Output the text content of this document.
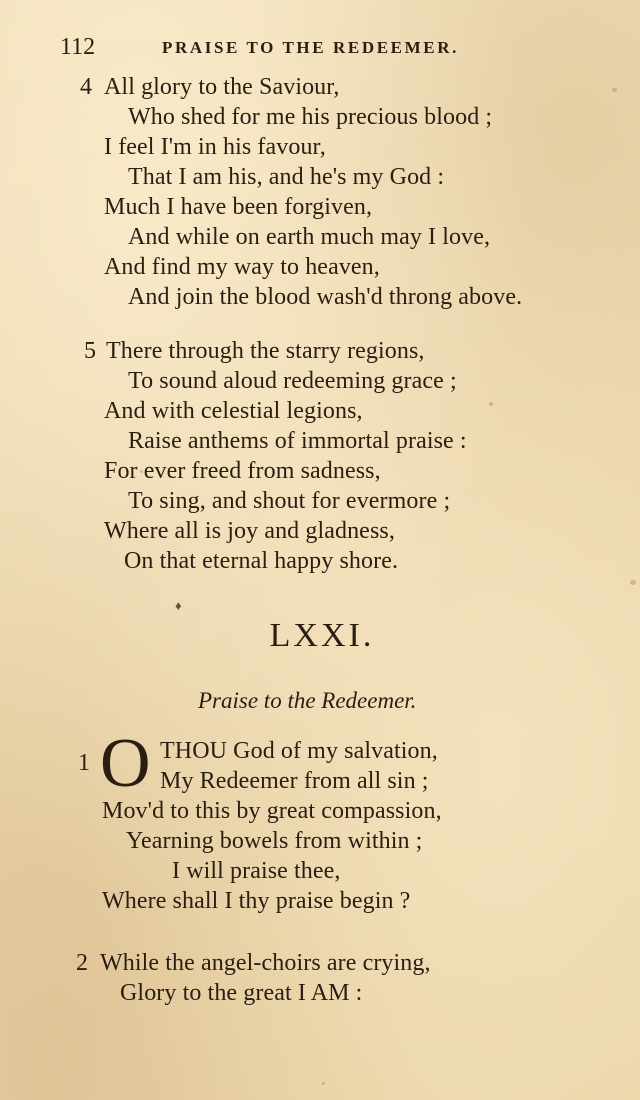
112	PRAISE TO THE REDEEMER.
4 All glory to the Saviour,
Who shed for me his precious blood ;
I feel I'm in his favour,
That I am his, and he's my God :
Much I have been forgiven,
And while on earth much may I love,
And find my way to heaven,
And join the blood wash'd throng above.
5 There through the starry regions,
To sound aloud redeeming grace ;
And with celestial legions,
Raise anthems of immortal praise :
For ever freed from sadness,
To sing, and shout for evermore ;
Where all is joy and gladness,
On that eternal happy shore.
♦
LXXI.
Praise to the Redeemer.
1 O THOU God of my salvation,
My Redeemer from all sin ;
Mov'd to this by great compassion,
Yearning bowels from within ;
I will praise thee,
Where shall I thy praise begin ?
2 While the angel-choirs are crying,
Glory to the great I AM :
